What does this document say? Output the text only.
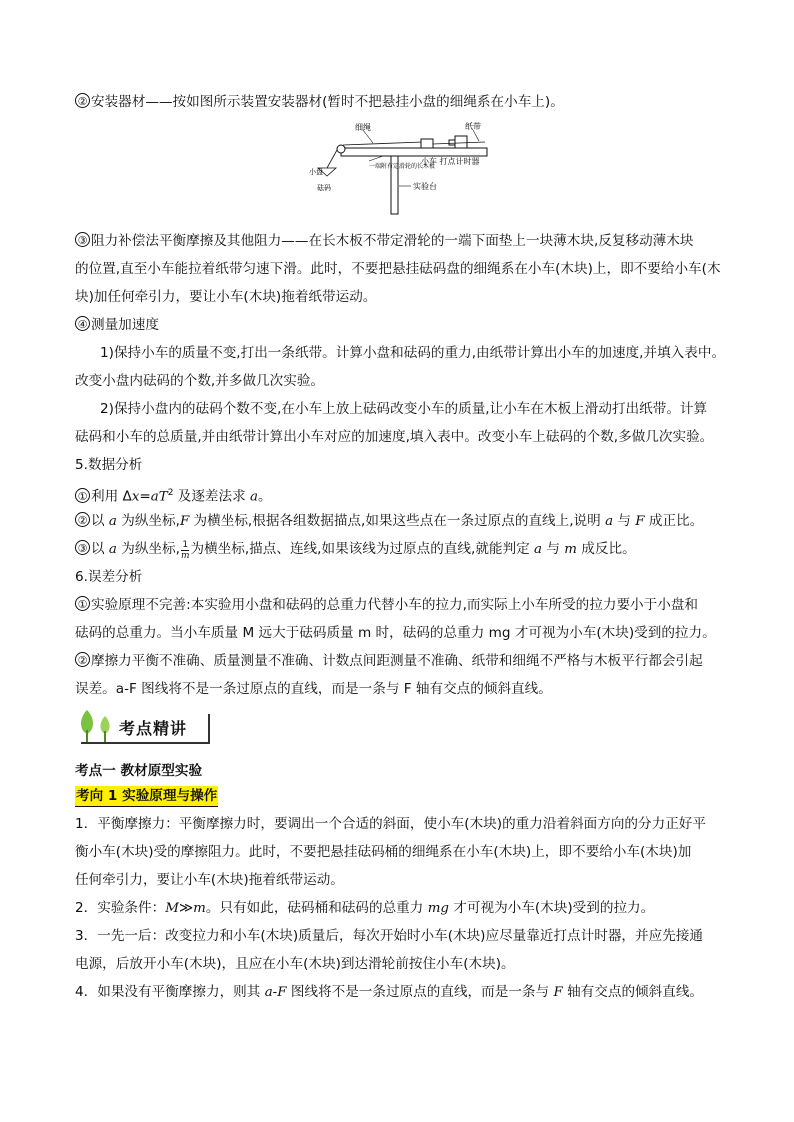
② 安装器材——按如图所示装置安装器材(暂时不把悬挂小盘的细绳系在小车上)。
细绳	纸带
小盘
砝码
一端附有定滑轮的长木板
实验台
小车 打点计时器
③ 阻力补偿法平衡摩擦及其他阻力——在长木板不带定滑轮的一端下面垫上一块薄木块,反复移动薄木块
的位置,直至小车能拉着纸带匀速下滑。此时，不要把悬挂砝码盘的细绳系在小车(木块)上，即不要给小车(木
块)加任何牵引力，要让小车(木块)拖着纸带运动。
④ 测量加速度
1)保持小车的质量不变,打出一条纸带。计算小盘和砝码的重力,由纸带计算出小车的加速度,并填入表中。
改变小盘内砝码的个数,并多做几次实验。
2)保持小盘内的砝码个数不变,在小车上放上砝码改变小车的质量,让小车在木板上滑动打出纸带。计算
砝码和小车的总质量,并由纸带计算出小车对应的加速度,填入表中。改变小车上砝码的个数,多做几次实验。
5.数据分析
① 利用 $\Delta x=aT^2$ 及逐差法求 a。
② 以 a 为纵坐标,F 为横坐标,根据各组数据描点,如果这些点在一条过原点的直线上,说明 a 与 F 成正比。
③ 以 a 为纵坐标, $\frac{1}{m}$为横坐标,描点、连线,如果该线为过原点的直线,就能判定 a 与 m 成反比。
6.误差分析
① 实验原理不完善:本实验用小盘和砝码的总重力代替小车的拉力,而实际上小车所受的拉力要小于小盘和
砝码的总重力。当小车质量 M 远大于砝码质量 m 时，砝码的总重力 mg 才可视为小车(木块)受到的拉力。
② 摩擦力平衡不准确、质量测量不准确、计数点间距测量不准确、纸带和细绳不严格与木板平行都会引起
误差。a-F 图线将不是一条过原点的直线，而是一条与 F 轴有交点的倾斜直线。
考点精讲
考点一 教材原型实验
考向 1 实验原理与操作
1．平衡摩擦力：平衡摩擦力时，要调出一个合适的斜面，使小车(木块)的重力沿着斜面方向的分力正好平
衡小车(木块)受的摩擦阻力。此时，不要把悬挂砝码桶的细绳系在小车(木块)上，即不要给小车(木块)加
任何牵引力，要让小车(木块)拖着纸带运动。
2．实验条件：M≫m。只有如此，砝码桶和砝码的总重力 mg 才可视为小车(木块)受到的拉力。
3．一先一后：改变拉力和小车(木块)质量后，每次开始时小车(木块)应尽量靠近打点计时器，并应先接通
电源，后放开小车(木块)，且应在小车(木块)到达滑轮前按住小车(木块)。
4．如果没有平衡摩擦力，则其 a-F 图线将不是一条过原点的直线，而是一条与 F 轴有交点的倾斜直线。
